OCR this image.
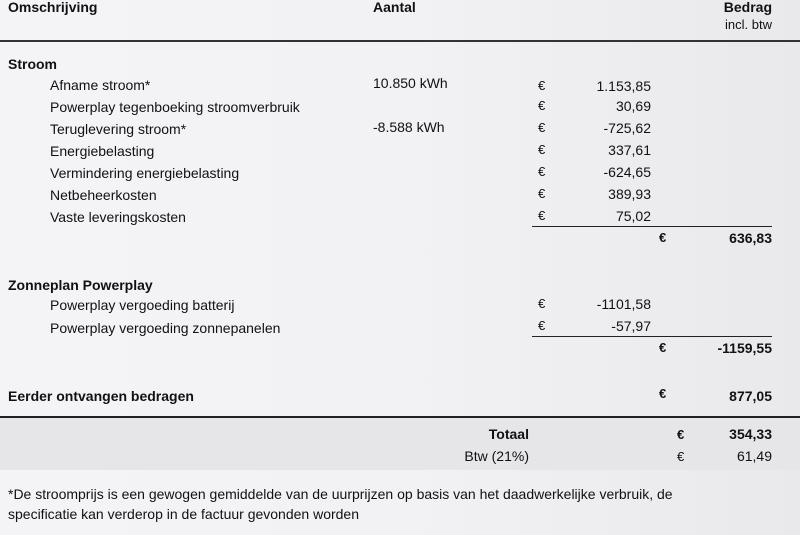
Omschrijving	Aantal	Bedrag
incl. btw
Stroom
Afname stroom*	10.850 kWh	€	1.153,85
Powerplay tegenboeking stroomverbruik	€	30,69
Teruglevering stroom*	-8.588 kWh	€	-725,62
Energiebelasting	€	337,61
Vermindering energiebelasting	€	-624,65
Netbeheerkosten	€	389,93
Vaste leveringskosten	€	75,02
€	636,83
Zonneplan Powerplay
Powerplay vergoeding batterij	€	-1101,58
Powerplay vergoeding zonnepanelen	€	-57,97
€	-1159,55
Eerder ontvangen bedragen	€	877,05
Totaal	€	354,33
Btw (21%)	€	61,49
*De stroomprijs is een gewogen gemiddelde van de uurprijzen op basis van het daadwerkelijke verbruik, de
specificatie kan verderop in de factuur gevonden worden
